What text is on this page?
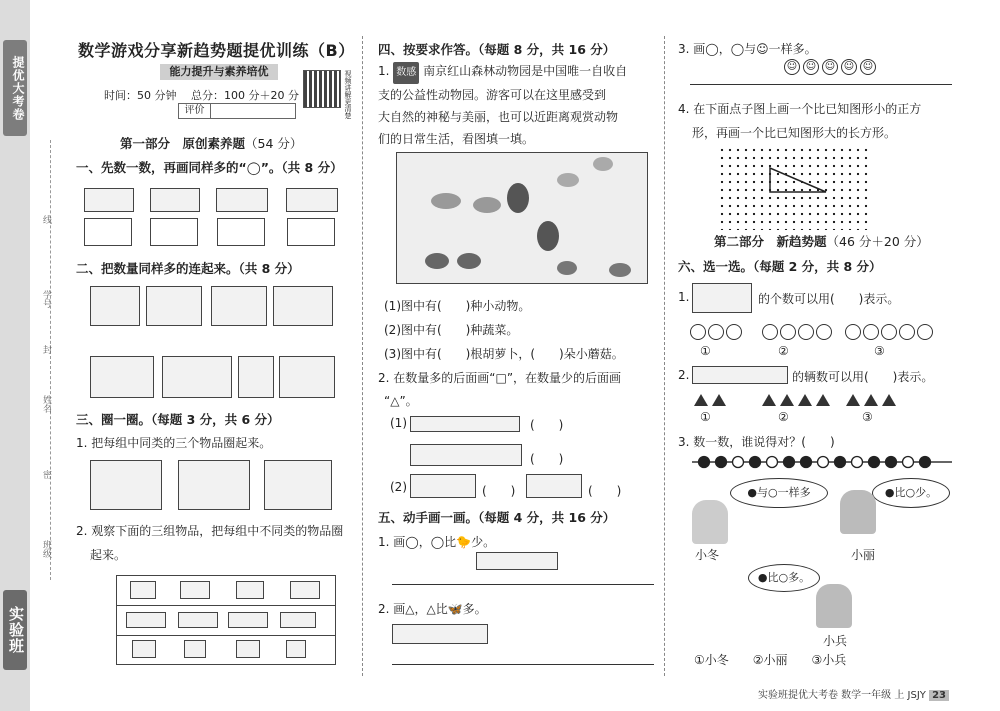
提优大考卷
实验班
线
学号
封
姓名
密
班级
数学游戏分享新趋势题提优训练（B）
能力提升与素养培优
时间：50 分钟　 总分：100 分＋20 分
评价	视频讲解更清楚
第一部分　原创素养题（54 分）
一、先数一数，再画同样多的“◯”。（共 8 分）
二、把数量同样多的连起来。（共 8 分）
三、圈一圈。（每题 3 分，共 6 分）
1. 把每组中同类的三个物品圈起来。
2. 观察下面的三组物品，把每组中不同类的物品圈
起来。
四、按要求作答。（每题 8 分，共 16 分）
1. 数感 南京红山森林动物园是中国唯一自收自
支的公益性动物园。游客可以在这里感受到
大自然的神秘与美丽，也可以近距离观赏动物
们的日常生活，看图填一填。
(1)图中有(　　)种小动物。
(2)图中有(　　)种蔬菜。
(3)图中有(　　)根胡萝卜，(　　)朵小蘑菇。
2. 在数量多的后面画“□”，在数量少的后面画
“△”。
(1)	(　　)
(　　)
(2)	(　　)	(　　)
五、动手画一画。（每题 4 分，共 16 分）
1. 画◯，◯比🐤少。
2. 画△，△比🦋多。
3. 画◯，◯与☺一样多。
☺ ☺ ☺ ☺ ☺
4. 在下面点子图上画一个比已知图形小的正方
形，再画一个比已知图形大的长方形。
第二部分　新趋势题（46 分＋20 分）
六、选一选。（每题 2 分，共 8 分）
1.	的个数可以用(　　)表示。
①	②	③
2.	的辆数可以用(　　)表示。
①	②	③
3. 数一数，谁说得对？(　　)
●与○一样多
小冬
●比○少。
小丽
●比○多。
小兵
①小冬　　②小丽　　③小兵
实验班提优大考卷 数学一年级 上 JSJY 23
